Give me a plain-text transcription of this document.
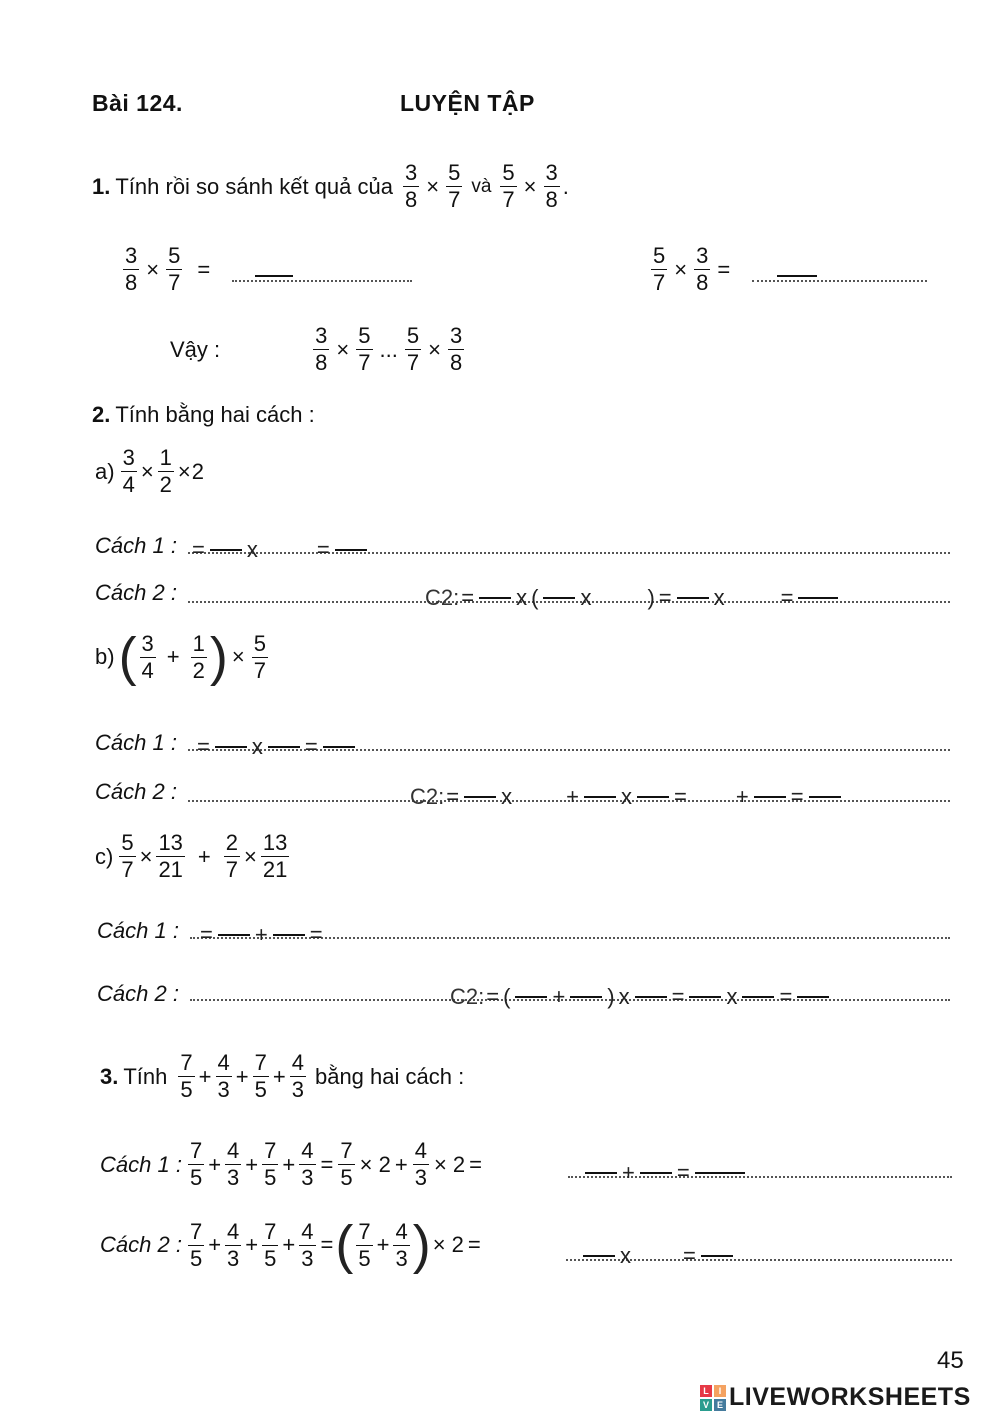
Bài 124.	LUYỆN TẬP
1. Tính rồi so sánh kết quả của $\frac{3}{8} \times \frac{5}{7}$ và $\frac{5}{7} \times \frac{3}{8}$ .
$\frac{3}{8} \times \frac{5}{7}$ =	$\frac{5}{7} \times \frac{3}{8}$ =
Vậy :	$\frac{3}{8} \times \frac{5}{7}$ ... $\frac{5}{7} \times \frac{3}{8}$
2. Tính bằng hai cách :
$a) \frac{3}{4} \times \frac{1}{2} \times 2$
Cách 1 : = x	=
Cách 2 :	C2: = x ( x	) = x	=
b) ( $\frac{3}{4} + \frac{1}{2}$ ) × $\frac{5}{7}$
Cách 1 : = x =
Cách 2 :	C2: = x + x = + =
$c) \frac{5}{7} \times \frac{13}{21} + \frac{2}{7} \times \frac{13}{21}$
Cách 1 : = + =
Cách 2 :	C2: = ( + ) x = x =
3. Tính $\frac{7}{5} + \frac{4}{3} + \frac{7}{5} + \frac{4}{3}$ bằng hai cách :
Cách 1 : $\frac{7}{5} + \frac{4}{3} + \frac{7}{5} + \frac{4}{3} = \frac{7}{5} \times 2 + \frac{4}{3} \times 2$ =	+ =
Cách 2 : $\frac{7}{5} + \frac{4}{3} + \frac{7}{5} + \frac{4}{3}$ = ( $\frac{7}{5} + \frac{4}{3}$ ) × 2 =	x =
45
L	I
V E LIVEWORKSHEETS
